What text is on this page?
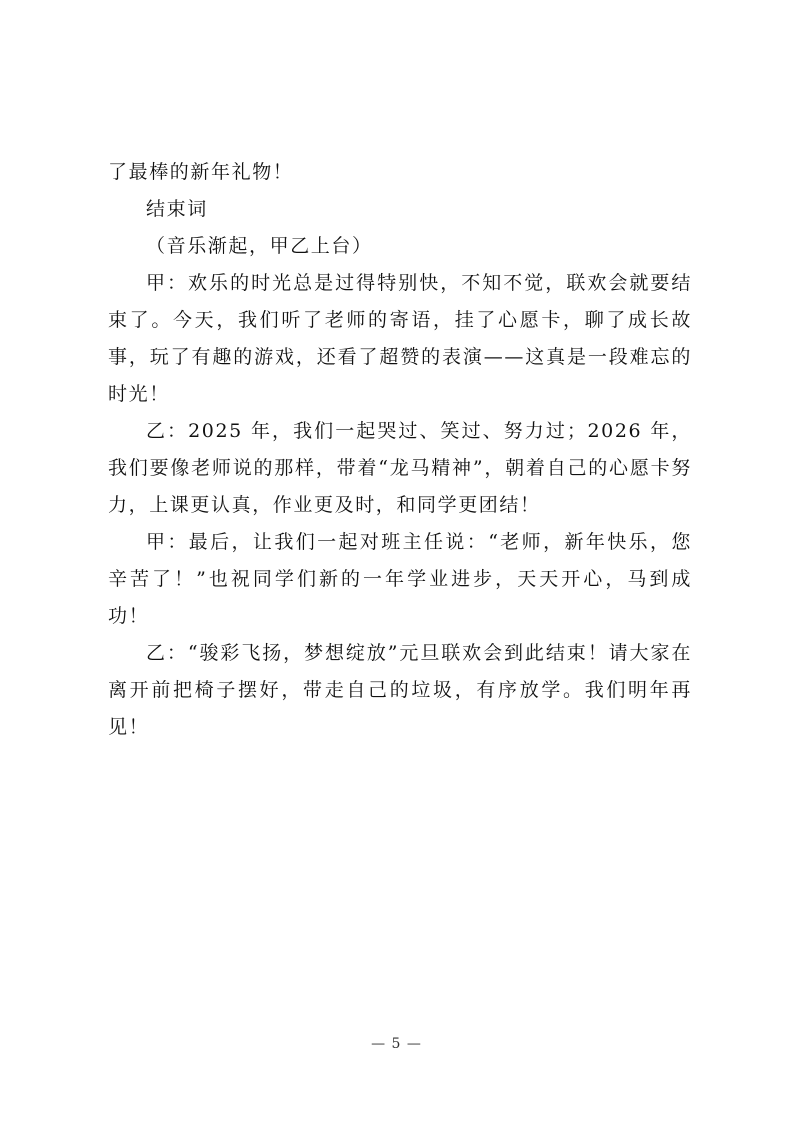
了最棒的新年礼物！

结束词

（音乐渐起，甲乙上台）

甲：欢乐的时光总是过得特别快，不知不觉，联欢会就要结束了。今天，我们听了老师的寄语，挂了心愿卡，聊了成长故事，玩了有趣的游戏，还看了超赞的表演——这真是一段难忘的时光！

乙：2025 年，我们一起哭过、笑过、努力过；2026 年，我们要像老师说的那样，带着“龙马精神”，朝着自己的心愿卡努力，上课更认真，作业更及时，和同学更团结！

甲：最后，让我们一起对班主任说：“老师，新年快乐，您辛苦了！”也祝同学们新的一年学业进步，天天开心，马到成功！

乙：“骏彩飞扬，梦想绽放”元旦联欢会到此结束！请大家在离开前把椅子摆好，带走自己的垃圾，有序放学。我们明年再见！

— 5 —
